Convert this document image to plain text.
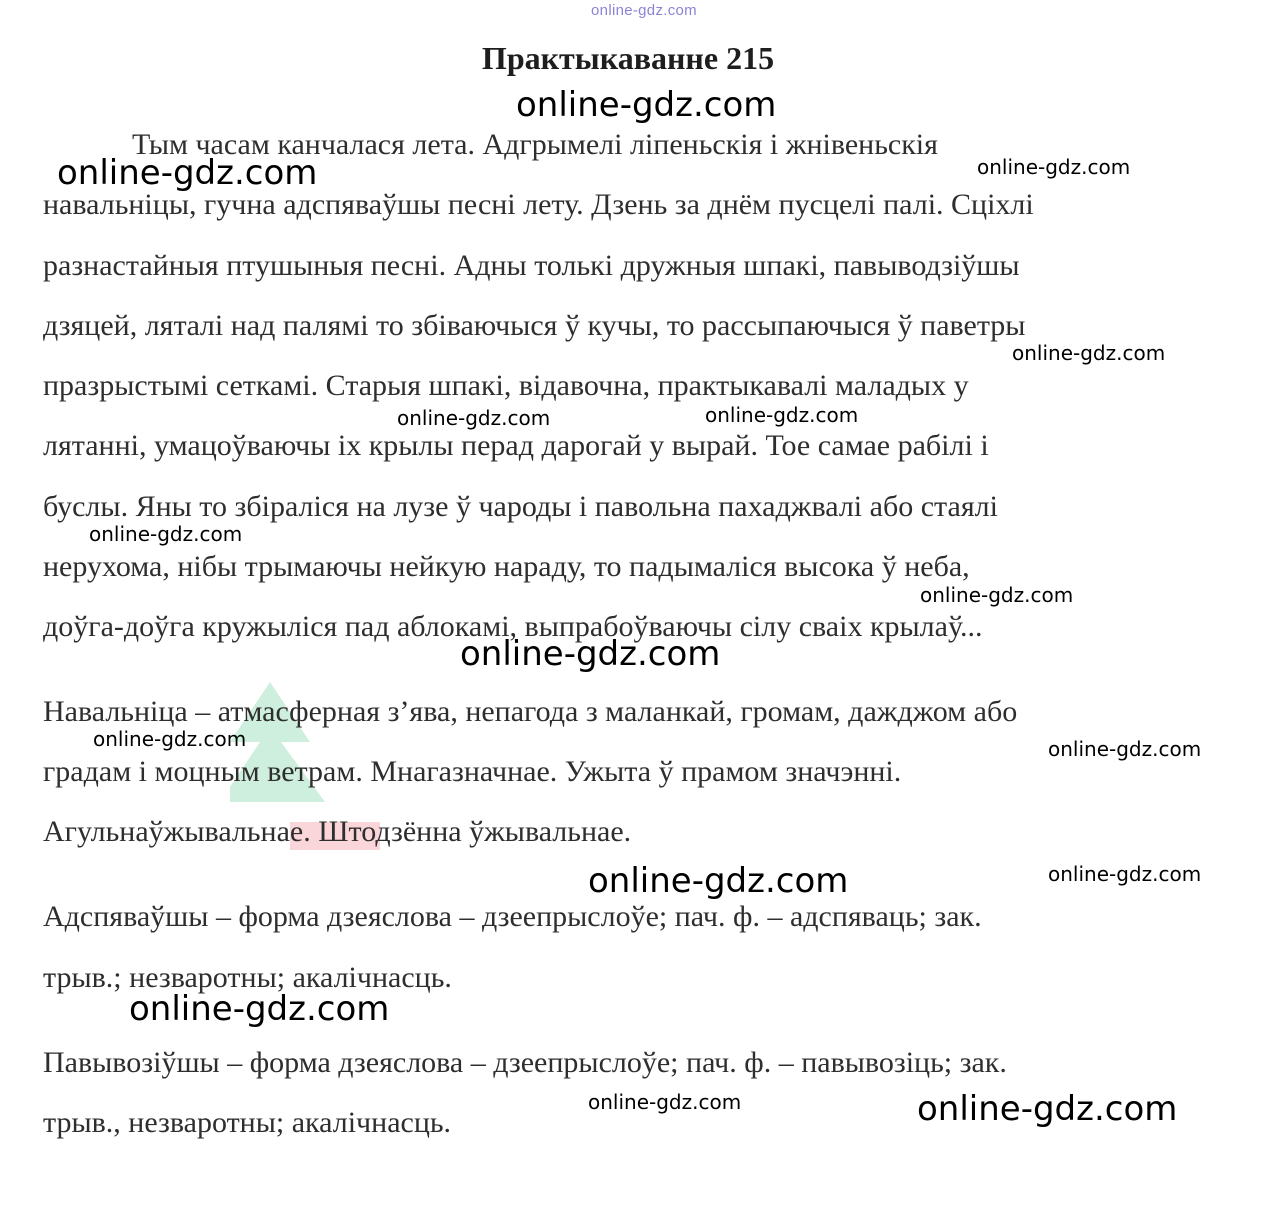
online-gdz.com
Практыкаванне 215
Тым часам канчалася лета. Адгрымелі ліпеньскія і жнівеньскія
навальніцы, гучна адспяваўшы песні лету. Дзень за днём пусцелі палі. Сціхлі
разнастайныя птушыныя песні. Адны толькі дружныя шпакі, павыводзіўшы
дзяцей, лятaлі над палямі то збіваючыся ў кучы, то рассыпаючыся ў паветры
празрыстымі сеткамі. Старыя шпакі, відавочна, практыкавалі маладых у
лятанні, умацоўваючы іх крылы перад дарогай у вырай. Тое самае рабілі і
буслы. Яны то збіраліся на лузе ў чароды і павольна пахаджвалі або стаялі
нерухома, нібы трымаючы нейкую нараду, то падымаліся высока ў неба,
доўга-доўга кружыліся пад аблокамі, выпрабоўваючы сілу сваіх крылаў...
Навальніца – атмасферная з’ява, непагода з маланкай, громам, дажджом або
градам і моцным ветрам. Мнагазначнае. Ужыта ў прамом значэнні.
Агульнаўжывальнае. Штодзённа ўжывальнае.
Адспяваўшы – форма дзеяслова – дзеепрыслоўе; пач. ф. – адспяваць; зак.
трыв.; незваротны; акалічнасць.
Павывозіўшы – форма дзеяслова – дзеепрыслоўе; пач. ф. – павывозіць; зак.
трыв., незваротны; акалічнасць.
online-gdz.com
online-gdz.com	online-gdz.com
online-gdz.com
online-gdz.com	online-gdz.com
online-gdz.com
online-gdz.com
online-gdz.com
online-gdz.com	online-gdz.com
online-gdz.com	online-gdz.com
online-gdz.com
online-gdz.com	online-gdz.com
